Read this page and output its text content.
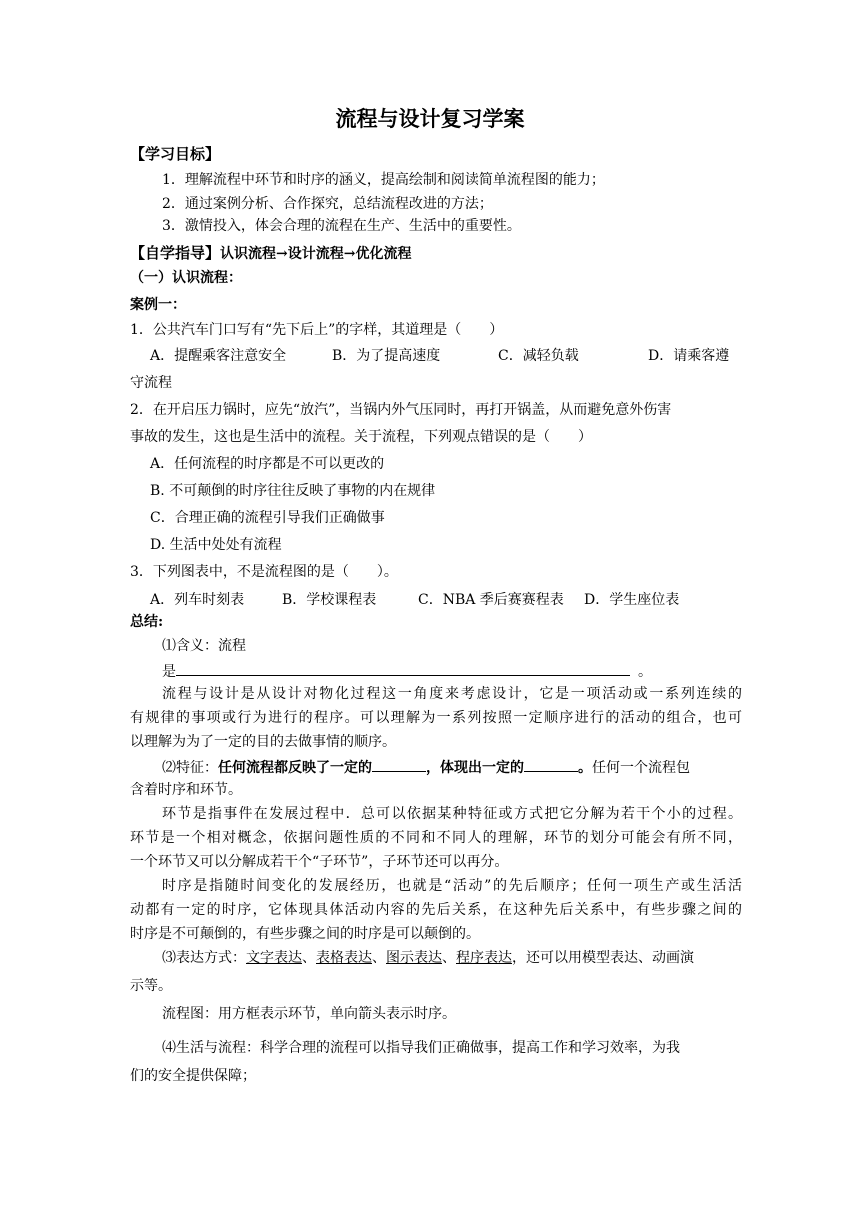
流程与设计复习学案
【学习目标】
1．理解流程中环节和时序的涵义，提高绘制和阅读简单流程图的能力；
2．通过案例分析、合作探究，总结流程改进的方法；
3．激情投入，体会合理的流程在生产、生活中的重要性。
【自学指导】认识流程→设计流程→优化流程
（一）认识流程：
案例一：
1．公共汽车门口写有“先下后上”的字样，其道理是（　　）
A．提醒乘客注意安全	B．为了提高速度	C．减轻负载	D．请乘客遵
守流程
2．在开启压力锅时，应先“放汽”，当锅内外气压同时，再打开锅盖，从而避免意外伤害
事故的发生，这也是生活中的流程。关于流程，下列观点错误的是（　　）
A．任何流程的时序都是不可以更改的
B. 不可颠倒的时序往往反映了事物的内在规律
C．合理正确的流程引导我们正确做事
D. 生活中处处有流程
3．下列图表中，不是流程图的是（　　）。
A．列车时刻表	B．学校课程表	C．NBA 季后赛赛程表 D．学生座位表
总结:
⑴含义：流程
是	。
流程与设计是从设计对物化过程这一角度来考虑设计，它是一项活动或一系列连续的
有规律的事项或行为进行的程序。可以理解为一系列按照一定顺序进行的活动的组合，也可
以理解为为了一定的目的去做事情的顺序。
⑵特征：任何流程都反映了一定的	，体现出一定的	。任何一个流程包
含着时序和环节。
环节是指事件在发展过程中．总可以依据某种特征或方式把它分解为若干个小的过程。
环节是一个相对概念，依据问题性质的不同和不同人的理解，环节的划分可能会有所不同，
一个环节又可以分解成若干个“子环节”，子环节还可以再分。
时序是指随时间变化的发展经历，也就是“活动”的先后顺序；任何一项生产或生活活
动都有一定的时序，它体现具体活动内容的先后关系，在这种先后关系中，有些步骤之间的
时序是不可颠倒的，有些步骤之间的时序是可以颠倒的。
⑶表达方式：文字表达、表格表达、图示表达、程序表达，还可以用模型表达、动画演
示等。
流程图：用方框表示环节，单向箭头表示时序。
⑷生活与流程：科学合理的流程可以指导我们正确做事，提高工作和学习效率，为我
们的安全提供保障；
